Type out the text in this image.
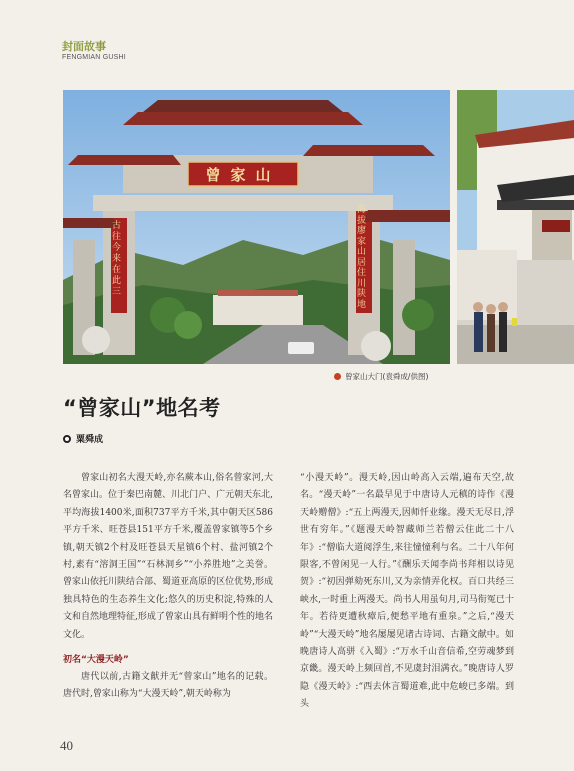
封面故事
FENGMIAN GUSHI
曾家山
古往今来在此三
海拔廖家山居住川陕地
曾家山大门(袁舜成/供图)
“曾家山”地名考
粟舜成

曾家山初名大漫天岭,亦名蕨本山,俗名曾家河,大名曾家山。位于秦巴南麓、川北门户、广元朝天东北,平均海拔1400米,面积737平方千米,其中朝天区586平方千米、旺苍县151平方千米,覆盖曾家镇等5个乡镇,朝天镇2个村及旺苍县天星镇6个村、盐河镇2个村,素有“溶洞王国”“石林洞乡”“小养胜地”之美誉。曾家山依托川陕结合部、蜀道亚高原的区位优势,形成独具特色的生态养生文化;悠久的历史积淀,特殊的人文和自然地理特征,形成了曾家山具有鲜明个性的地名文化。

初名“大漫天岭”

唐代以前,古籍文献并无“曾家山”地名的记载。唐代时,曾家山称为“大漫天岭”,朝天岭称为

“小漫天岭”。漫天岭,因山岭高入云端,遍布天空,故名。“漫天岭”一名最早见于中唐诗人元稹的诗作《漫天岭赠僧》:“五上两漫天,因师忏业缘。漫天无尽日,浮世有穷年。”《题漫天岭智藏师兰若僧云住此二十八年》:“僧临大道阅浮生,来往憧憧利与名。二十八年何限客,不曾闲见一人行。”《酬乐天闻李尚书拜相以诗见贺》:“初因弹劾死东川,又为亲情弄化权。百口共经三峡水,一时重上两漫天。尚书人用虽旬月,司马衔冤已十年。若待更遭秋瘴后,便愁平地有重泉。”之后,“漫天岭”“大漫天岭”地名屡屡见诸古诗词、古籍文献中。如晚唐诗人高骈《入蜀》:“万水千山音信希,空劳魂梦到京畿。漫天岭上频回首,不见虞封泪满衣。”晚唐诗人罗隐《漫天岭》:“西去休言蜀道难,此中危峻已多端。到头

40
